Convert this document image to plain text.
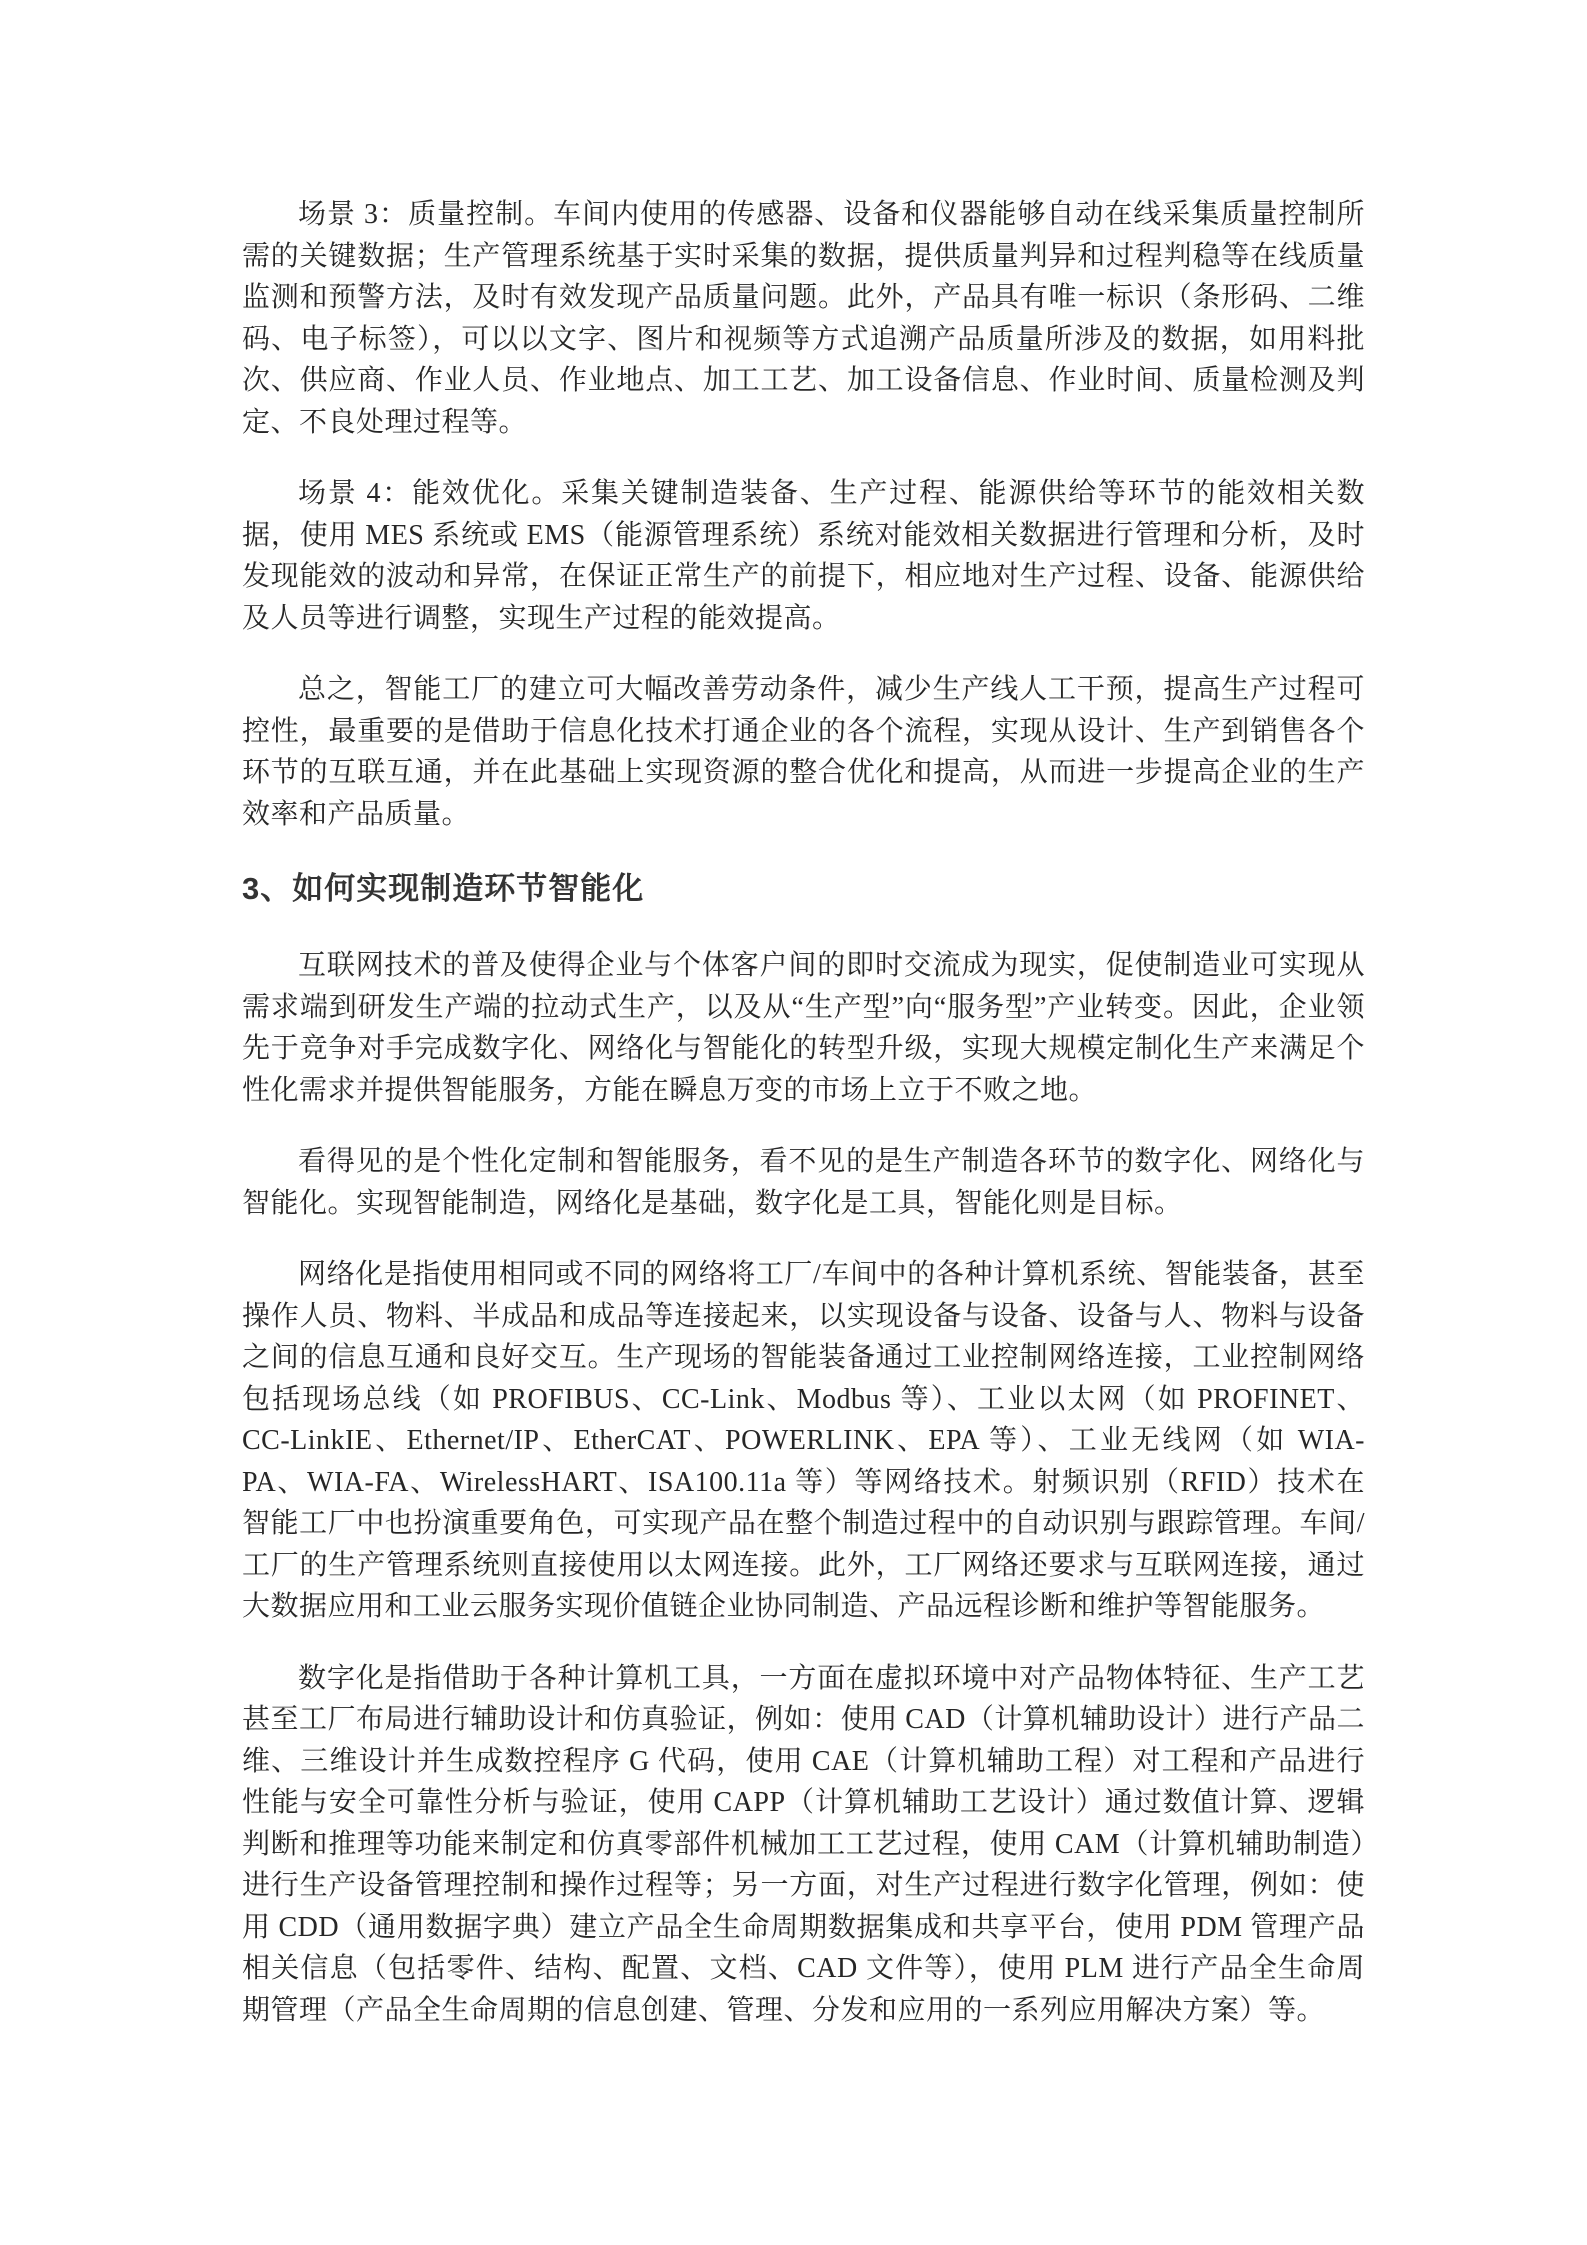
场景 3：质量控制。车间内使用的传感器、设备和仪器能够自动在线采集质量控制所需的关键数据；生产管理系统基于实时采集的数据，提供质量判异和过程判稳等在线质量监测和预警方法，及时有效发现产品质量问题。此外，产品具有唯一标识（条形码、二维码、电子标签），可以以文字、图片和视频等方式追溯产品质量所涉及的数据，如用料批次、供应商、作业人员、作业地点、加工工艺、加工设备信息、作业时间、质量检测及判定、不良处理过程等。

场景 4：能效优化。采集关键制造装备、生产过程、能源供给等环节的能效相关数据，使用 MES 系统或 EMS（能源管理系统）系统对能效相关数据进行管理和分析，及时发现能效的波动和异常，在保证正常生产的前提下，相应地对生产过程、设备、能源供给及人员等进行调整，实现生产过程的能效提高。

总之，智能工厂的建立可大幅改善劳动条件，减少生产线人工干预，提高生产过程可控性，最重要的是借助于信息化技术打通企业的各个流程，实现从设计、生产到销售各个环节的互联互通，并在此基础上实现资源的整合优化和提高，从而进一步提高企业的生产效率和产品质量。

3、如何实现制造环节智能化

互联网技术的普及使得企业与个体客户间的即时交流成为现实，促使制造业可实现从需求端到研发生产端的拉动式生产，以及从“生产型”向“服务型”产业转变。因此，企业领先于竞争对手完成数字化、网络化与智能化的转型升级，实现大规模定制化生产来满足个性化需求并提供智能服务，方能在瞬息万变的市场上立于不败之地。

看得见的是个性化定制和智能服务，看不见的是生产制造各环节的数字化、网络化与智能化。实现智能制造，网络化是基础，数字化是工具，智能化则是目标。

网络化是指使用相同或不同的网络将工厂/车间中的各种计算机系统、智能装备，甚至操作人员、物料、半成品和成品等连接起来，以实现设备与设备、设备与人、物料与设备之间的信息互通和良好交互。生产现场的智能装备通过工业控制网络连接，工业控制网络包括现场总线（如 PROFIBUS、CC-Link、Modbus 等）、工业以太网（如 PROFINET、CC-LinkIE、Ethernet/IP、EtherCAT、POWERLINK、EPA 等）、工业无线网（如 WIA-PA、WIA-FA、WirelessHART、ISA100.11a 等）等网络技术。射频识别（RFID）技术在智能工厂中也扮演重要角色，可实现产品在整个制造过程中的自动识别与跟踪管理。车间/工厂的生产管理系统则直接使用以太网连接。此外，工厂网络还要求与互联网连接，通过大数据应用和工业云服务实现价值链企业协同制造、产品远程诊断和维护等智能服务。

数字化是指借助于各种计算机工具，一方面在虚拟环境中对产品物体特征、生产工艺甚至工厂布局进行辅助设计和仿真验证，例如：使用 CAD（计算机辅助设计）进行产品二维、三维设计并生成数控程序 G 代码，使用 CAE（计算机辅助工程）对工程和产品进行性能与安全可靠性分析与验证，使用 CAPP（计算机辅助工艺设计）通过数值计算、逻辑判断和推理等功能来制定和仿真零部件机械加工工艺过程，使用 CAM（计算机辅助制造）进行生产设备管理控制和操作过程等；另一方面，对生产过程进行数字化管理，例如：使用 CDD（通用数据字典）建立产品全生命周期数据集成和共享平台，使用 PDM 管理产品相关信息（包括零件、结构、配置、文档、CAD 文件等），使用 PLM 进行产品全生命周期管理（产品全生命周期的信息创建、管理、分发和应用的一系列应用解决方案）等。
